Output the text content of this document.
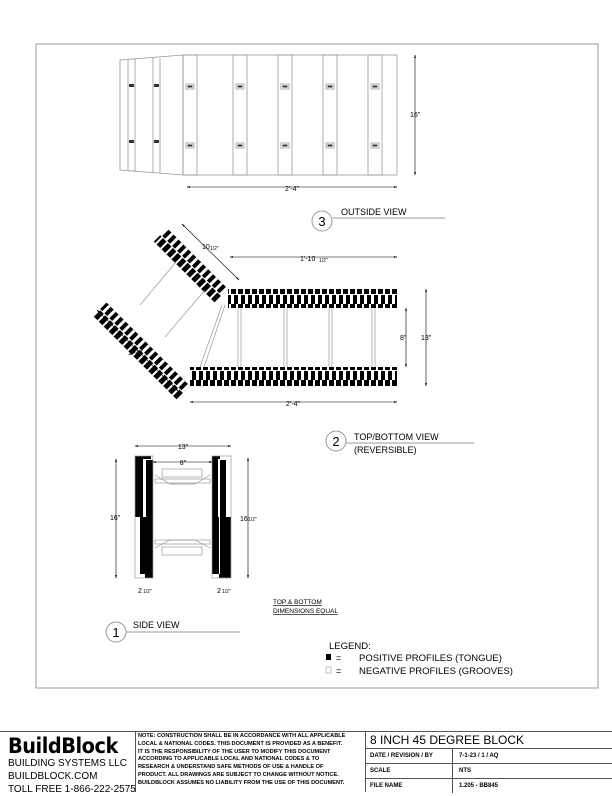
2'-4"
16"
3
OUTSIDE VIEW
10 1/2"
1'-10 1/2"
1'-4"
2'-4"
8" 13"
2 TOP/BOTTOM VIEW
(REVERSIBLE)
13"
8"
16"	16 1/2"
2 1/2"	2 1/2"
TOP & BOTTOM
DIMENSIONS EQUAL
1 SIDE VIEW
LEGEND:
= POSITIVE PROFILES (TONGUE)
= NEGATIVE PROFILES (GROOVES)
BuildBlock
BUILDING SYSTEMS LLC
BUILDBLOCK.COM
TOLL FREE 1-866-222-2575
NOTE: CONSTRUCTION SHALL BE IN ACCORDANCE WITH ALL APPLICABLE
LOCAL & NATIONAL CODES. THIS DOCUMENT IS PROVIDED AS A BENEFIT.
IT IS THE RESPONSIBILITY OF THE USER TO MODIFY THIS DOCUMENT
ACCORDING TO APPLICABLE LOCAL AND NATIONAL CODES & TO
RESEARCH & UNDERSTAND SAFE METHODS OF USE & HANDLE OF
PRODUCT. ALL DRAWINGS ARE SUBJECT TO CHANGE WITHOUT NOTICE.
BUILDBLOCK ASSUMES NO LIABILITY FROM THE USE OF THIS DOCUMENT.
8 INCH 45 DEGREE BLOCK
DATE / REVISION / BY	7-1-23 / 1 / AQ
SCALE	NTS
FILE NAME	1.205 - BB845
